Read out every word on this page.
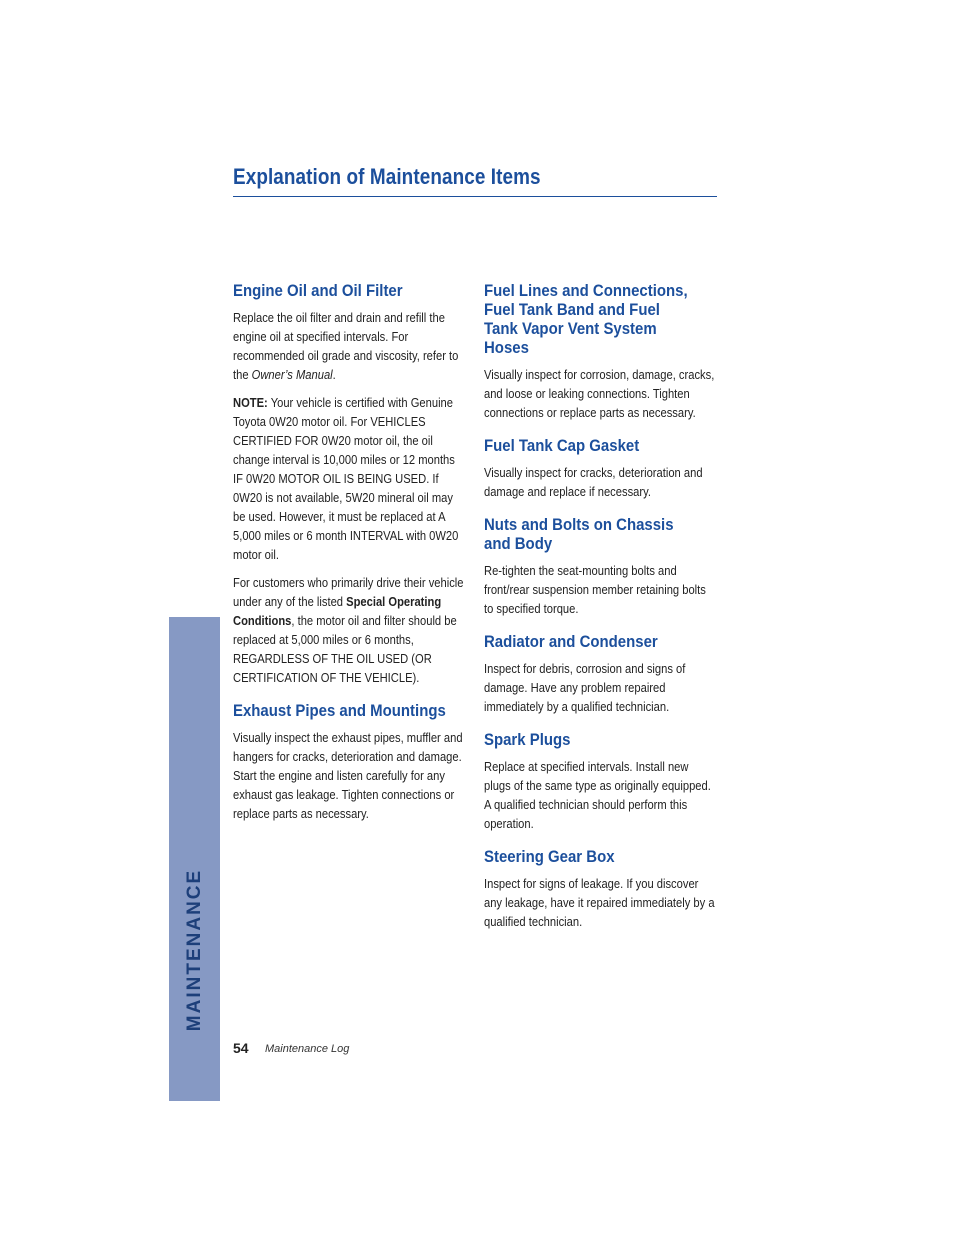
Explanation of Maintenance Items
Engine Oil and Oil Filter

Replace the oil filter and drain and refill the engine oil at specified intervals. For recommended oil grade and viscosity, refer to the Owner’s Manual.

NOTE: Your vehicle is certified with Genuine Toyota 0W20 motor oil. For VEHICLES CERTIFIED FOR 0W20 motor oil, the oil change interval is 10,000 miles or 12 months IF 0W20 MOTOR OIL IS BEING USED. If 0W20 is not available, 5W20 mineral oil may be used. However, it must be replaced at A 5,000 miles or 6 month INTERVAL with 0W20 motor oil.

For customers who primarily drive their vehicle under any of the listed Special Operating Conditions, the motor oil and filter should be replaced at 5,000 miles or 6 months, REGARDLESS OF THE OIL USED (OR CERTIFICATION OF THE VEHICLE).

Exhaust Pipes and Mountings

Visually inspect the exhaust pipes, muffler and hangers for cracks, deterioration and damage. Start the engine and listen carefully for any exhaust gas leakage. Tighten connections or replace parts as necessary.

Fuel Lines and Connections, Fuel Tank Band and Fuel Tank Vapor Vent System Hoses

Visually inspect for corrosion, damage, cracks, and loose or leaking connections. Tighten connections or replace parts as necessary.

Fuel Tank Cap Gasket

Visually inspect for cracks, deterioration and damage and replace if necessary.

Nuts and Bolts on Chassis and Body

Re-tighten the seat-mounting bolts and front/rear suspension member retaining bolts to specified torque.

Radiator and Condenser

Inspect for debris, corrosion and signs of damage. Have any problem repaired immediately by a qualified technician.

Spark Plugs

Replace at specified intervals. Install new plugs of the same type as originally equipped. A qualified technician should perform this operation.

Steering Gear Box

Inspect for signs of leakage. If you discover any leakage, have it repaired immediately by a qualified technician.

MAINTENANCE
54 Maintenance Log
